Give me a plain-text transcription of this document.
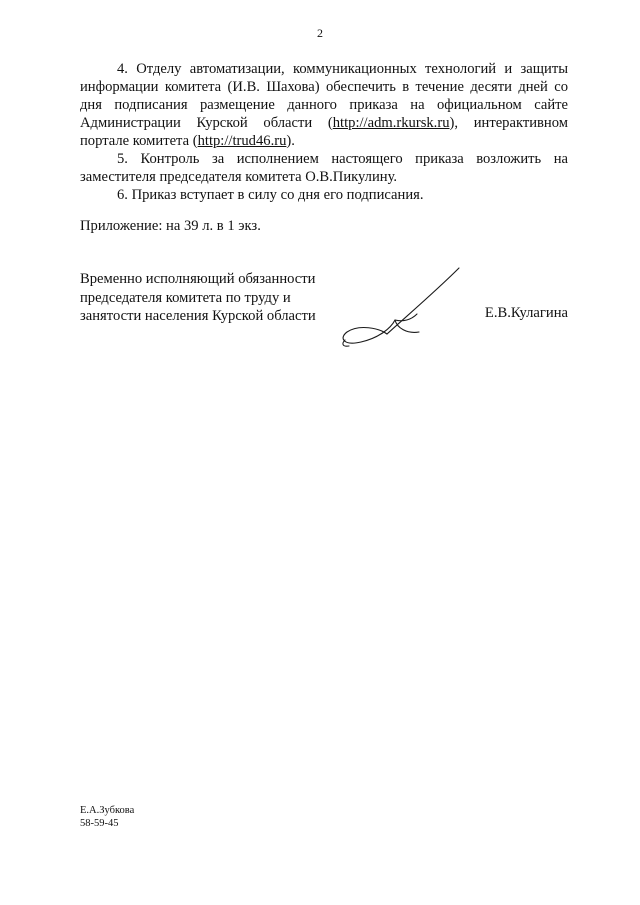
2

4. Отделу автоматизации, коммуникационных технологий и защиты информации комитета (И.В. Шахова) обеспечить в течение десяти дней со дня подписания размещение данного приказа на официальном сайте Администрации Курской области (http://adm.rkursk.ru), интерактивном портале комитета (http://trud46.ru).

5. Контроль за исполнением настоящего приказа возложить на заместителя председателя комитета О.В.Пикулину.

6. Приказ вступает в силу со дня его подписания.

Приложение: на 39 л. в 1 экз.
Временно исполняющий обязанности
председателя комитета по труду и
занятости населения Курской области	Е.В.Кулагина
Е.А.Зубкова
58-59-45
